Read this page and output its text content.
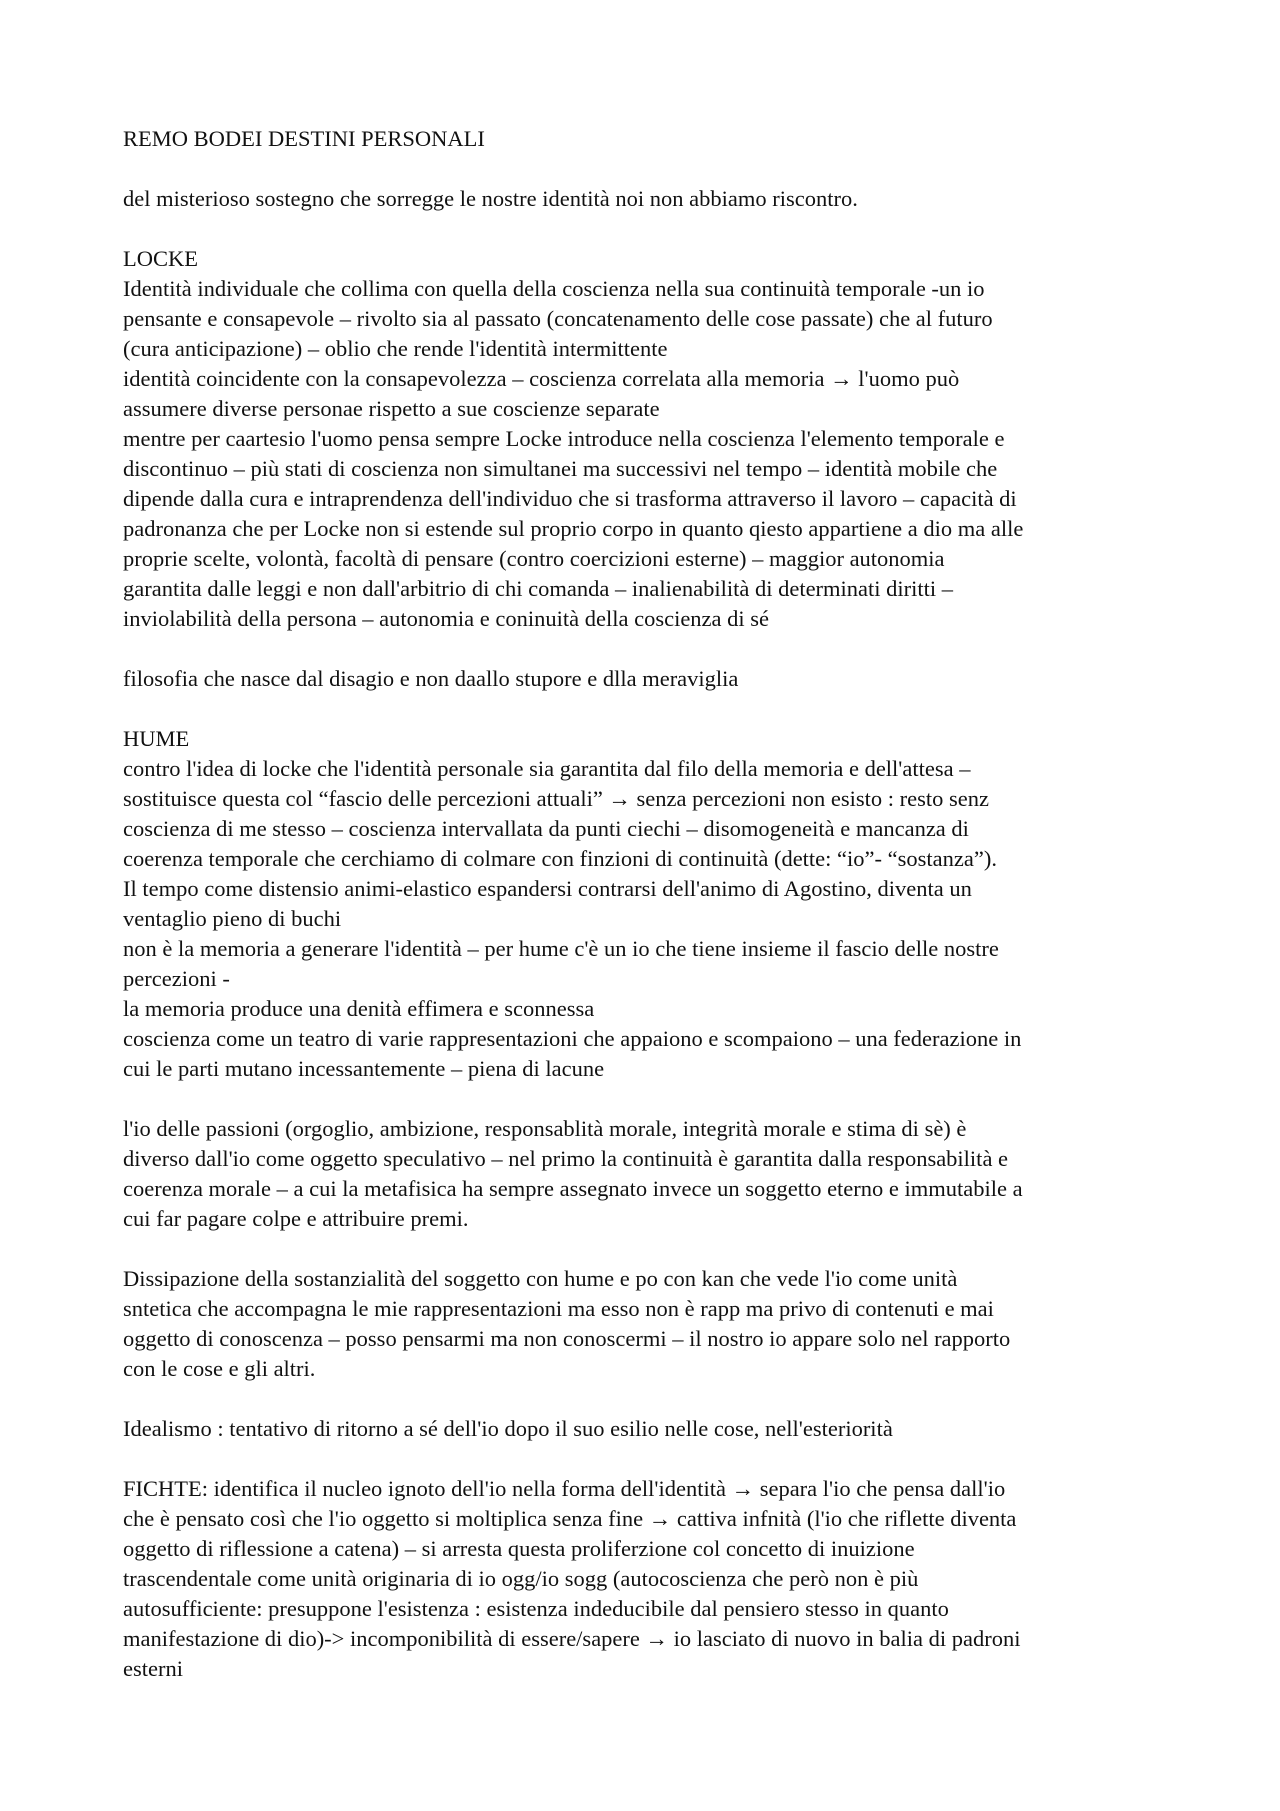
REMO BODEI DESTINI PERSONALI

del misterioso sostegno che sorregge le nostre identità noi non abbiamo riscontro.

LOCKE

Identità individuale che collima con quella della coscienza nella sua continuità temporale -un io
pensante e consapevole – rivolto sia al passato (concatenamento delle cose passate) che al futuro
(cura anticipazione) – oblio che rende l'identità intermittente
identità coincidente con la consapevolezza – coscienza correlata alla memoria → l'uomo può
assumere diverse personae rispetto a sue coscienze separate
mentre per caartesio l'uomo pensa sempre Locke introduce nella coscienza l'elemento temporale e
discontinuo – più stati di coscienza non simultanei ma successivi nel tempo – identità mobile che
dipende dalla cura e intraprendenza dell'individuo che si trasforma attraverso il lavoro – capacità di
padronanza che per Locke non si estende sul proprio corpo in quanto qiesto appartiene a dio ma alle
proprie scelte, volontà, facoltà di pensare (contro coercizioni esterne) – maggior autonomia
garantita dalle leggi e non dall'arbitrio di chi comanda – inalienabilità di determinati diritti –
inviolabilità della persona – autonomia e coninuità della coscienza di sé

filosofia che nasce dal disagio e non daallo stupore e dlla meraviglia

HUME

contro l'idea di locke che l'identità personale sia garantita dal filo della memoria e dell'attesa –
sostituisce questa col “fascio delle percezioni attuali” → senza percezioni non esisto : resto senz
coscienza di me stesso – coscienza intervallata da punti ciechi – disomogeneità e mancanza di
coerenza temporale che cerchiamo di colmare con finzioni di continuità (dette: “io”- “sostanza”).
Il tempo come distensio animi-elastico espandersi contrarsi dell'animo di Agostino, diventa un
ventaglio pieno di buchi
non è la memoria a generare l'identità – per hume c'è un io che tiene insieme il fascio delle nostre
percezioni -
la memoria produce una denità effimera e sconnessa
coscienza come un teatro di varie rappresentazioni che appaiono e scompaiono – una federazione in
cui le parti mutano incessantemente – piena di lacune

l'io delle passioni (orgoglio, ambizione, responsablità morale, integrità morale e stima di sè) è
diverso dall'io come oggetto speculativo – nel primo la continuità è garantita dalla responsabilità e
coerenza morale – a cui la metafisica ha sempre assegnato invece un soggetto eterno e immutabile a
cui far pagare colpe e attribuire premi.

Dissipazione della sostanzialità del soggetto con hume e po con kan che vede l'io come unità
sntetica che accompagna le mie rappresentazioni ma esso non è rapp ma privo di contenuti e mai
oggetto di conoscenza – posso pensarmi ma non conoscermi – il nostro io appare solo nel rapporto
con le cose e gli altri.

Idealismo : tentativo di ritorno a sé dell'io dopo il suo esilio nelle cose, nell'esteriorità

FICHTE: identifica il nucleo ignoto dell'io nella forma dell'identità → separa l'io che pensa dall'io
che è pensato così che l'io oggetto si moltiplica senza fine → cattiva infnità (l'io che riflette diventa
oggetto di riflessione a catena) – si arresta questa proliferzione col concetto di inuizione
trascendentale come unità originaria di io ogg/io sogg (autocoscienza che però non è più
autosufficiente: presuppone l'esistenza : esistenza indeducibile dal pensiero stesso in quanto
manifestazione di dio)-> incomponibilità di essere/sapere → io lasciato di nuovo in balia di padroni
esterni
